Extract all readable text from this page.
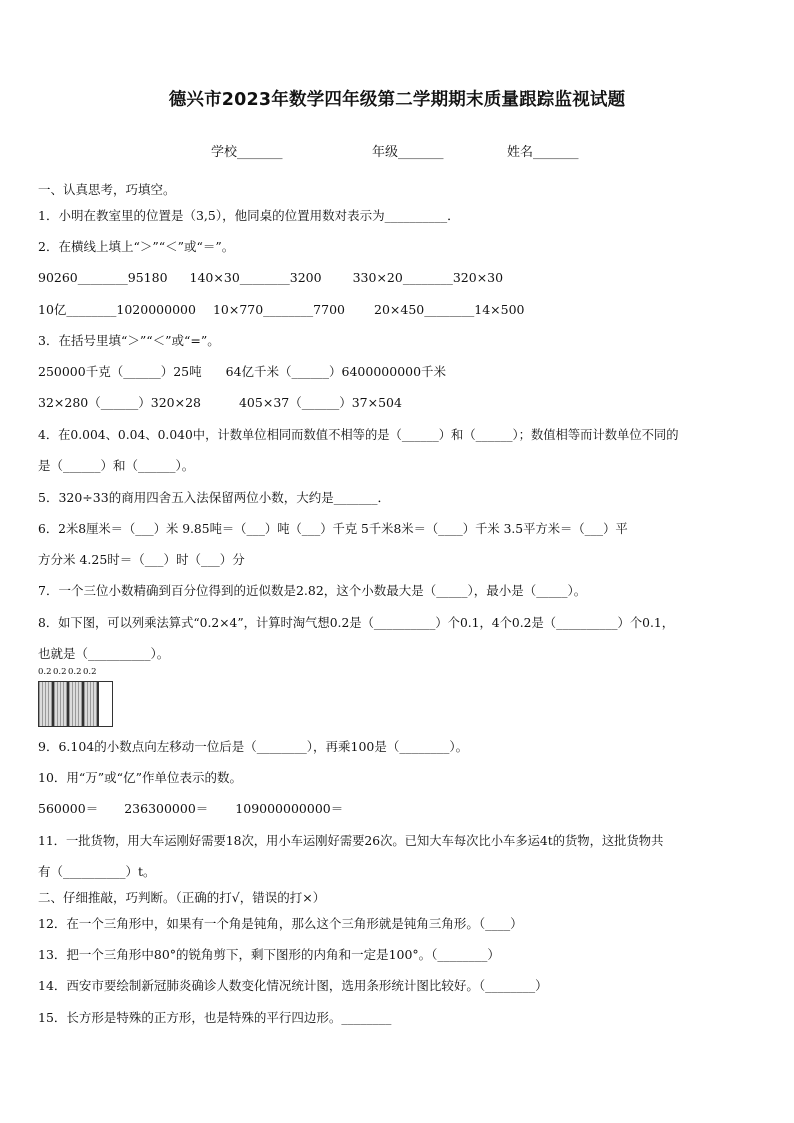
德兴市2023年数学四年级第二学期期末质量跟踪监视试题
学校_______	年级_______	姓名_______
一、认真思考，巧填空。
1．小明在教室里的位置是（3,5），他同桌的位置用数对表示为__________．
2．在横线上填上“＞”“＜”或“＝”。
90260________95180 140×30________3200 330×20________320×30
10亿________1020000000 10×770________7700 20×450________14×500
3．在括号里填“＞”“＜”或“=”。
250000千克（______）25吨 64亿千米（______）6400000000千米
32×280（______）320×28	405×37（______）37×504
4．在0.004、0.04、0.040中，计数单位相同而数值不相等的是（______）和（______）；数值相等而计数单位不同的
是（______）和（______）。
5．320÷33的商用四舍五入法保留两位小数，大约是_______．
6．2米8厘米＝（___）米 9.85吨＝（___）吨（___）千克 5千米8米＝（____）千米 3.5平方米＝（___）平
方分米 4.25时＝（___）时（___）分
7．一个三位小数精确到百分位得到的近似数是2.82，这个小数最大是（_____），最小是（_____）。
8．如下图，可以列乘法算式“0.2×4”，计算时淘气想0.2是（__________）个0.1，4个0.2是（__________）个0.1，
也就是（__________）。
0.2 0.2 0.2 0.2
9．6.104的小数点向左移动一位后是（________），再乘100是（________）。
10．用“万”或“亿”作单位表示的数。
560000＝ 236300000＝ 109000000000＝
11．一批货物，用大车运刚好需要18次，用小车运刚好需要26次。已知大车每次比小车多运4t的货物，这批货物共
有（__________）t。
二、仔细推敲，巧判断。（正确的打√，错误的打×）
12．在一个三角形中，如果有一个角是钝角，那么这个三角形就是钝角三角形。（____）
13．把一个三角形中80°的锐角剪下，剩下图形的内角和一定是100°。（________）
14．西安市要绘制新冠肺炎确诊人数变化情况统计图，选用条形统计图比较好。（________）
15．长方形是特殊的正方形，也是特殊的平行四边形。________
